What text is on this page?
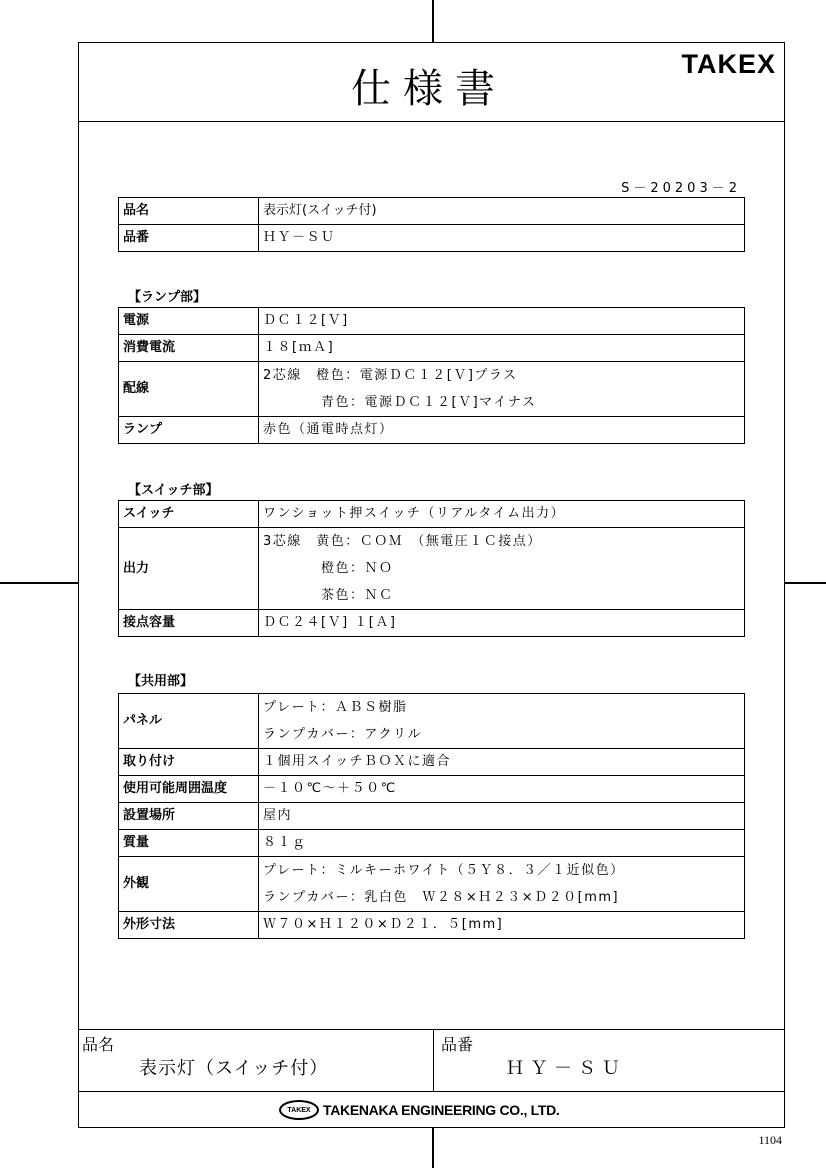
仕様書
TAKEX
S－20203－2
品名	表示灯(スイッチ付)
品番	ＨＹ－ＳＵ
【ランプ部】
電源	ＤＣ１２[Ｖ]
消費電流	１８[ｍＡ]
配線	2芯線　橙色：電源ＤＣ１２[Ｖ]プラス
　　　　青色：電源ＤＣ１２[Ｖ]マイナス

ランプ	赤色（通電時点灯）
【スイッチ部】
スイッチ	ワンショット押スイッチ（リアルタイム出力）
出力	3芯線　黄色：ＣＯＭ　（無電圧１Ｃ接点）
　　　　橙色：ＮＯ
　　　　茶色：ＮＣ

接点容量	ＤＣ２４[Ｖ] １[Ａ]
【共用部】
パネル	プレート：ＡＢＳ樹脂
ランプカバー：アクリル

取り付け	１個用スイッチＢＯＸに適合
使用可能周囲温度	－１０℃～＋５０℃
設置場所	屋内
質量	８１ｇ
外観	プレート：ミルキーホワイト（５Ｙ８．３／１近似色）
ランプカバー：乳白色　Ｗ２８×Ｈ２３×Ｄ２０[mm]

外形寸法	Ｗ７０×Ｈ１２０×Ｄ２１．５[mm]
品名
表示灯（スイッチ付）
品番
ＨＹ－ＳＵ
TAKEX TAKENAKA ENGINEERING CO., LTD.
1104
